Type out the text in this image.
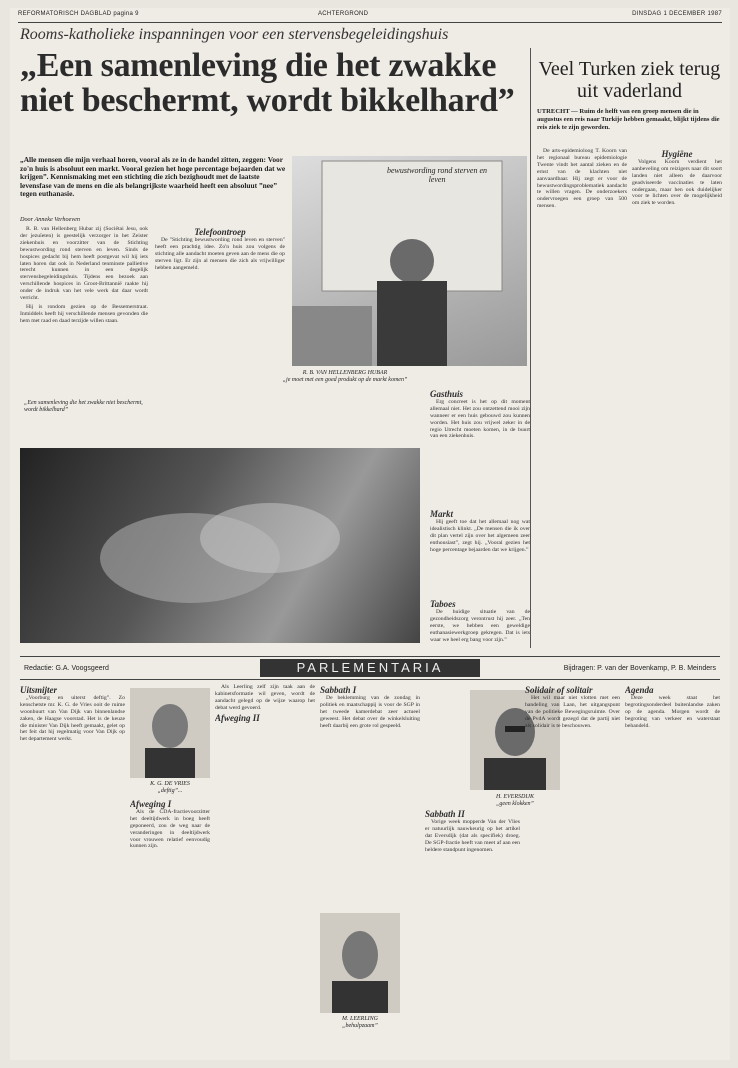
REFORMATORISCH DAGBLAD pagina 9	ACHTERGROND	DINSDAG 1 DECEMBER 1987
Rooms-katholieke inspanningen voor een stervensbegeleidingshuis
„Een samenleving die het zwakke niet beschermt, wordt bikkelhard”
„Alle mensen die mijn verhaal horen, vooral als ze in de handel zitten, zeggen: Voor zo'n huis is absoluut een markt. Vooral gezien het hoge percentage bejaarden dat we krijgen”. Kennismaking met een stichting die zich bezighoudt met de laatste levensfase van de mens en die als belangrijkste waarheid heeft een absoluut ”nee” tegen euthanasie.
Door Anneke Verhoeven

R. B. van Hellenberg Hubar zij (Sociëtai Jesu, ook der jezuïeten) is geestelijk verzorger in het Zeister ziekenhuis en voorzitter van de Stichting bewustwording rond sterven en leven. Sinds de hospices gedacht bij hem heeft postgevat wil hij iets laten horen dat ook in Nederland tenminste pallietive terecht kunnen in een degelijk stervensbegeleidingshuis. Tijdens een bezoek aan verschillende hospices in Groot-Brittannië raakte hij onder de indruk van het vele werk dat daar wordt verricht.

Hij is rondom gezien op de Bessemerstraat. Inmiddels heeft hij verschillende mensen gevonden die hem met raad en daad terzijde willen staan.

„Een samenleving die het zwakke niet beschermt, wordt bikkelhard”
Telefoontroep

De "Stichting bewustwording rond leven en sterven" heeft een prachtig idee. Zo'n huis zou volgens de stichting alle aandacht moeten geven aan de mens die op sterven ligt. Er zijn al mensen die zich als vrijwilliger hebben aangemeld.

bewustwording rond sterven en leven
R. B. VAN HELLENBERG HUBAR
„je moet met een goed produkt op de markt komen”
Gasthuis

Erg concreet is het op dit moment allemaal niet. Het zou ontzettend mooi zijn wanneer er een huis gebouwd zou kunnen worden. Het huis zou vrijwel zeker in de regio Utrecht moeten komen, in de buurt van een ziekenhuis.

Markt

Hij geeft toe dat het allemaal nog wat idealistisch klinkt. „De mensen die ik over dit plan vertel zijn over het algemeen zeer enthousiast”, zegt hij. „Vooral gezien het hoge percentage bejaarden dat we krijgen.”

Taboes

De huidige situatie van de gezondheidszorg verontrust hij zeer. „Ten eerste, we hebben een geweldige euthanasiewerkgroep gekregen. Dat is iets waar we heel erg bang voor zijn.”

Veel Turken ziek terug uit vaderland
UTRECHT — Ruim de helft van een groep mensen die in augustus een reis naar Turkije hebben gemaakt, blijkt tijdens die reis ziek te zijn geworden.

De arts-epidemioloog T. Koorn van het regionaal bureau epidemiologie Twente vindt het aantal zieken en de ernst van de klachten niet aanvaardbaar. Hij zegt er voor de bewustwordingsproblematiek aandacht te willen vragen. De onderzoekers ondervroegen een groep van 500 mensen.

Hygiëne

Volgens Koorn verdient het aanbeveling om reizigers naar dit soort landen niet alleen de daarvoor geadviseerde vaccinaties te laten ondergaan, maar hen ook duidelijker voor te lichten over de mogelijkheid om ziek te worden.

Redactie: G.A. Voogsgeerd	PARLEMENTARIA	Bijdragen: P. van der Bovenkamp, P. B. Meinders
Uitsmijter

„Voorburg en uiterst deftig”. Zo kenschetste mr. K. G. de Vries ooit de ruime woonbuurt van Van Dijk van binnenlandse zaken, de Haagse voorstad. Het is de keuze die minister Van Dijk heeft gemaakt, gelet op het feit dat hij regelmatig voor Van Dijk op het departement werkt.

K. G. DE VRIES
„deftig”...
Afweging I

Als de CDA-fractievoorzitter het deeltijdwerk in boeg heeft geponeerd, zou de weg naar de veranderingen in deeltijdwerk voor vrouwen relatief eenvoudig kunnen zijn.

Als Leerling zelf zijn taak aan de kabinetsformatie wil geven, wordt de aandacht gelegd op de wijze waarop het debat werd gevoerd.

Afweging II
M. LEERLING
„behulpzaam”
Sabbath I

De beklemming van de zondag in politiek en maatschappij is voor de SGP in het tweede kamerdebat zeer actueel geweest. Het debat over de winkelsluiting heeft daarbij een grote rol gespeeld.

H. EVERSDIJK
„geen klokken”
Sabbath II

Vorige week mopperde Van der Vlies er natuurlijk nauwkeurig op het artikel dat Eversdijk (dat als specifiek) droeg. De SGP-fractie heeft van meet af aan een heldere standpunt ingenomen.

Solidair of solitair

Het wil maar niet vlotten met een handeling van Laan, het uitgangspunt van de politieke Bewegingsruimte. Over de PvdA wordt gezegd dat de partij niet als solidair is te beschouwen.

Agenda

Deze week staat het begrotingsonderdeel buitenlandse zaken op de agenda. Morgen wordt de begroting van verkeer en waterstaat behandeld.
